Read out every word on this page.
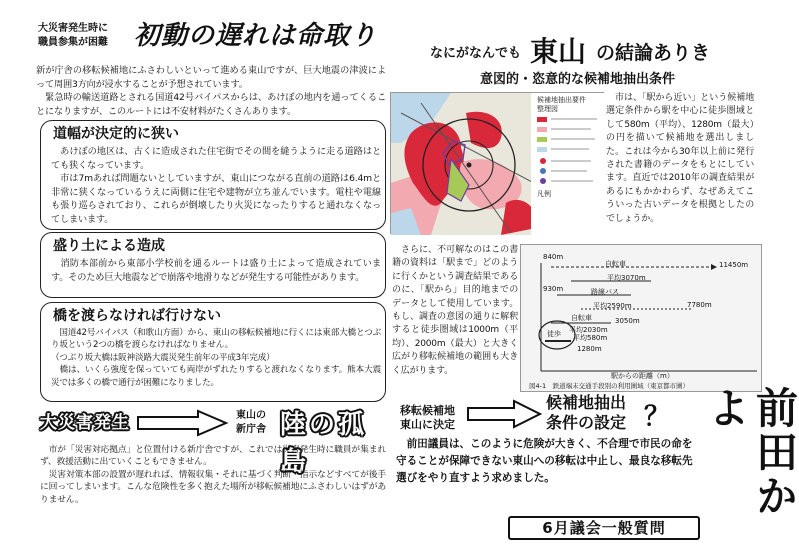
大災害発生時に
職員参集が困難 初動の遅れは命取り
新が庁舎の移転候補地にふさわしいといって進める東山ですが、巨大地震の津波によって周囲3方向が浸水することが予想されています。
　緊急時の輸送道路とされる国道42号バイパスからは、あけぼの地内を通ってくることになりますが、このルートには不安材料がたくさんあります。
道幅が決定的に狭い
　あけぼの地区は、古くに造成された住宅街でその間を縫うように走る道路はとても狭くなっています。
　市は7mあれば問題ないとしていますが、東山につながる直前の道路は6.4mと非常に狭くなっているうえに両側に住宅や建物が立ち並んでいます。電柱や電線も張り巡らされており、これらが倒壊したり火災になったりすると通れなくなってしまいます。
盛り土による造成
　消防本部前から東部小学校前を通るルートは盛り土によって造成されています。そのため巨大地震などで崩落や地滑りなどが発生する可能性があります。
橋を渡らなければ行けない
　国道42号バイパス（和歌山方面）から、東山の移転候補地に行くには東部大橋とつぶり坂という2つの橋を渡らなければなりません。
（つぶり坂大橋は阪神淡路大震災発生前年の平成3年完成）
　橋は、いくら強度を保っていても両岸がずれたりすると渡れなくなります。熊本大震災では多くの橋で通行が困難になりました。
大災害発生	東山の
新庁舎 陸の孤島
　市が「災害対応拠点」と位置付ける新庁舎ですが、これでは災害発生時に職員が集まれず、救援活動に出ていくこともできません。
　災害対策本部の設置が遅れれば、情報収集・それに基づく判断・指示などすべてが後手に回ってしまいます。こんな危険性を多く抱えた場所が移転候補地にふさわしいはずがありません。
なにがなんでも 東山 の結論ありき
意図的・恣意的な候補地抽出条件
候補地抽出要件
整理図
凡例
　市は、「駅から近い」という候補地選定条件から駅を中心に徒歩圏域として580m（平均）、1280m（最大）の円を描いて候補地を選出しました。これは今から30年以上前に発行された書籍のデータをもとにしています。直近では2010年の調査結果があるにもかかわらず、なぜあえてこういった古いデータを根拠としたのでしょうか。
　さらに、不可解なのはこの書籍の資料は「駅まで」どのように行くかという調査結果であるのに、「駅から」目的地までのデータとして使用しています。もし、調査の意図の通りに解釈すると徒歩圏域は1000m（平均）、2000m（最大）と大きく広がり移転候補地の範囲も大きく広がります。
840m
11450m
自転車
平均3070m
路線バス
平均2590m	7780m
930m
自転車
平均2030m
3050m
徒歩 平均580m
1280m
駅からの距離（m）
図4-1　鉄道端末交通手段別の利用圏域（東京都市圏）
移転候補地
東山に決定
候補地抽出
条件の設定 ？
　前田議員は、このように危険が大きく、不合理で市民の命を守ることが保障できない東山への移転は中止し、最良な移転先選びをやり直すよう求めました。
6月議会一般質問
前田かよ
